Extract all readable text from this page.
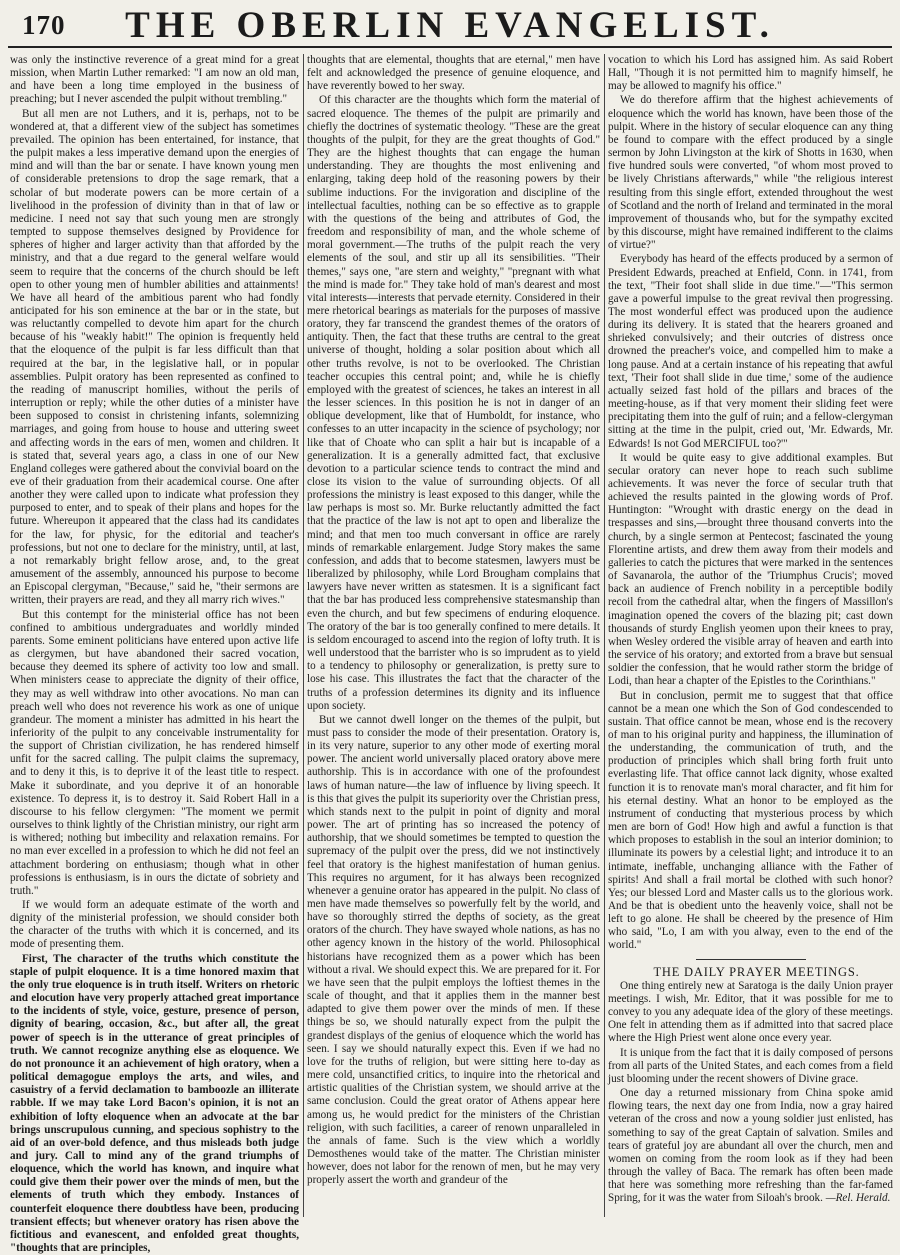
170	THE OBERLIN EVANGELIST.

was only the instinctive reverence of a great mind for a great mission, when Martin Luther remarked: "I am now an old man, and have been a long time employed in the business of preaching; but I never ascended the pulpit without trembling."

But all men are not Luthers, and it is, perhaps, not to be wondered at, that a different view of the subject has sometimes prevailed. The opinion has been entertained, for instance, that the pulpit makes a less imperative demand upon the energies of mind and will than the bar or senate. I have known young men of considerable pretensions to drop the sage remark, that a scholar of but moderate powers can be more certain of a livelihood in the profession of divinity than in that of law or medicine. I need not say that such young men are strongly tempted to suppose themselves designed by Providence for spheres of higher and larger activity than that afforded by the ministry, and that a due regard to the general welfare would seem to require that the concerns of the church should be left open to other young men of humbler abilities and attainments! We have all heard of the ambitious parent who had fondly anticipated for his son eminence at the bar or in the state, but was reluctantly compelled to devote him apart for the church because of his "weakly habit!" The opinion is frequently held that the eloquence of the pulpit is far less difficult than that required at the bar, in the legislative hall, or in popular assemblies. Pulpit oratory has been represented as confined to the reading of manuscript homilies, without the perils of interruption or reply; while the other duties of a minister have been supposed to consist in christening infants, solemnizing marriages, and going from house to house and uttering sweet and affecting words in the ears of men, women and children. It is stated that, several years ago, a class in one of our New England colleges were gathered about the convivial board on the eve of their graduation from their academical course. One after another they were called upon to indicate what profession they purposed to enter, and to speak of their plans and hopes for the future. Whereupon it appeared that the class had its candidates for the law, for physic, for the editorial and teacher's professions, but not one to declare for the ministry, until, at last, a not remarkably bright fellow arose, and, to the great amusement of the assembly, announced his purpose to become an Episcopal clergyman, "Because," said he, "their sermons are written, their prayers are read, and they all marry rich wives."

But this contempt for the ministerial office has not been confined to ambitious undergraduates and worldly minded parents. Some eminent politicians have entered upon active life as clergymen, but have abandoned their sacred vocation, because they deemed its sphere of activity too low and small. When ministers cease to appreciate the dignity of their office, they may as well withdraw into other avocations. No man can preach well who does not reverence his work as one of unique grandeur. The moment a minister has admitted in his heart the inferiority of the pulpit to any conceivable instrumentality for the support of Christian civilization, he has rendered himself unfit for the sacred calling. The pulpit claims the supremacy, and to deny it this, is to deprive it of the least title to respect. Make it subordinate, and you deprive it of an honorable existence. To depress it, is to destroy it. Said Robert Hall in a discourse to his fellow clergymen: "The moment we permit ourselves to think lightly of the Christian ministry, our right arm is withered; nothing but imbecility and relaxation remains. For no man ever excelled in a profession to which he did not feel an attachment bordering on enthusiasm; though what in other professions is enthusiasm, is in ours the dictate of sobriety and truth."

If we would form an adequate estimate of the worth and dignity of the ministerial profession, we should consider both the character of the truths with which it is concerned, and its mode of presenting them.

First, The character of the truths which constitute the staple of pulpit eloquence. It is a time honored maxim that the only true eloquence is in truth itself. Writers on rhetoric and elocution have very properly attached great importance to the incidents of style, voice, gesture, presence of person, dignity of bearing, occasion, &c., but after all, the great power of speech is in the utterance of great principles of truth. We cannot recognize anything else as eloquence. We do not pronounce it an achievement of high oratory, when a political demagogue employs the arts, and wiles, and casuistry of a fervid declamation to bamboozle an illiterate rabble. If we may take Lord Bacon's opinion, it is not an exhibition of lofty eloquence when an advocate at the bar brings unscrupulous cunning, and specious sophistry to the aid of an over-bold defence, and thus misleads both judge and jury. Call to mind any of the grand triumphs of eloquence, which the world has known, and inquire what could give them their power over the minds of men, but the elements of truth which they embody. Instances of counterfeit eloquence there doubtless have been, producing transient effects; but whenever oratory has risen above the fictitious and evanescent, and enfolded great thoughts, "thoughts that are principles,

thoughts that are elemental, thoughts that are eternal," men have felt and acknowledged the presence of genuine eloquence, and have reverently bowed to her sway.

Of this character are the thoughts which form the material of sacred eloquence. The themes of the pulpit are primarily and chiefly the doctrines of systematic theology. "These are the great thoughts of the pulpit, for they are the great thoughts of God." They are the highest thoughts that can engage the human understanding. They are thoughts the most enlivening and enlarging, taking deep hold of the reasoning powers by their sublime inductions. For the invigoration and discipline of the intellectual faculties, nothing can be so effective as to grapple with the questions of the being and attributes of God, the freedom and responsibility of man, and the whole scheme of moral government.—The truths of the pulpit reach the very elements of the soul, and stir up all its sensibilities. "Their themes," says one, "are stern and weighty," "pregnant with what the mind is made for." They take hold of man's dearest and most vital interests—interests that pervade eternity. Considered in their mere rhetorical bearings as materials for the purposes of massive oratory, they far transcend the grandest themes of the orators of antiquity. Then, the fact that these truths are central to the great universe of thought, holding a solar position about which all other truths revolve, is not to be overlooked. The Christian teacher occupies this central point; and, while he is chiefly employed with the greatest of sciences, he takes an interest in all the lesser sciences. In this position he is not in danger of an oblique development, like that of Humboldt, for instance, who confesses to an utter incapacity in the science of psychology; nor like that of Choate who can split a hair but is incapable of a generalization. It is a generally admitted fact, that exclusive devotion to a particular science tends to contract the mind and close its vision to the value of surrounding objects. Of all professions the ministry is least exposed to this danger, while the law perhaps is most so. Mr. Burke reluctantly admitted the fact that the practice of the law is not apt to open and liberalize the mind; and that men too much conversant in office are rarely minds of remarkable enlargement. Judge Story makes the same confession, and adds that to become statesmen, lawyers must be liberalized by philosophy, while Lord Brougham complains that lawyers have never written as statesmen. It is a significant fact that the bar has produced less comprehensive statesmanship than even the church, and but few specimens of enduring eloquence. The oratory of the bar is too generally confined to mere details. It is seldom encouraged to ascend into the region of lofty truth. It is well understood that the barrister who is so imprudent as to yield to a tendency to philosophy or generalization, is pretty sure to lose his case. This illustrates the fact that the character of the truths of a profession determines its dignity and its influence upon society.

But we cannot dwell longer on the themes of the pulpit, but must pass to consider the mode of their presentation. Oratory is, in its very nature, superior to any other mode of exerting moral power. The ancient world universally placed oratory above mere authorship. This is in accordance with one of the profoundest laws of human nature—the law of influence by living speech. It is this that gives the pulpit its superiority over the Christian press, which stands next to the pulpit in point of dignity and moral power. The art of printing has so increased the potency of authorship, that we should sometimes be tempted to question the supremacy of the pulpit over the press, did we not instinctively feel that oratory is the highest manifestation of human genius. This requires no argument, for it has always been recognized whenever a genuine orator has appeared in the pulpit. No class of men have made themselves so powerfully felt by the world, and have so thoroughly stirred the depths of society, as the great orators of the church. They have swayed whole nations, as has no other agency known in the history of the world. Philosophical historians have recognized them as a power which has been without a rival. We should expect this. We are prepared for it. For we have seen that the pulpit employs the loftiest themes in the scale of thought, and that it applies them in the manner best adapted to give them power over the minds of men. If these things be so, we should naturally expect from the pulpit the grandest displays of the genius of eloquence which the world has seen. I say we should naturally expect this. Even if we had no love for the truths of religion, but were sitting here to-day as mere cold, unsanctified critics, to inquire into the rhetorical and artistic qualities of the Christian system, we should arrive at the same conclusion. Could the great orator of Athens appear here among us, he would predict for the ministers of the Christian religion, with such facilities, a career of renown unparalleled in the annals of fame. Such is the view which a worldly Demosthenes would take of the matter. The Christian minister however, does not labor for the renown of men, but he may very properly assert the worth and grandeur of the

vocation to which his Lord has assigned him. As said Robert Hall, "Though it is not permitted him to magnify himself, he may be allowed to magnify his office."

We do therefore affirm that the highest achievements of eloquence which the world has known, have been those of the pulpit. Where in the history of secular eloquence can any thing be found to compare with the effect produced by a single sermon by John Livingston at the kirk of Shotts in 1630, when five hundred souls were converted, "of whom most proved to be lively Christians afterwards," while "the religious interest resulting from this single effort, extended throughout the west of Scotland and the north of Ireland and terminated in the moral improvement of thousands who, but for the sympathy excited by this discourse, might have remained indifferent to the claims of virtue?"

Everybody has heard of the effects produced by a sermon of President Edwards, preached at Enfield, Conn. in 1741, from the text, "Their foot shall slide in due time."—"This sermon gave a powerful impulse to the great revival then progressing. The most wonderful effect was produced upon the audience during its delivery. It is stated that the hearers groaned and shrieked convulsively; and their outcries of distress once drowned the preacher's voice, and compelled him to make a long pause. And at a certain instance of his repeating that awful text, 'Their foot shall slide in due time,' some of the audience actually seized fast hold of the pillars and braces of the meeting-house, as if that very moment their sliding feet were precipitating them into the gulf of ruin; and a fellow-clergyman sitting at the time in the pulpit, cried out, 'Mr. Edwards, Mr. Edwards! Is not God MERCIFUL too?'"

It would be quite easy to give additional examples. But secular oratory can never hope to reach such sublime achievements. It was never the force of secular truth that achieved the results painted in the glowing words of Prof. Huntington: "Wrought with drastic energy on the dead in trespasses and sins,—brought three thousand converts into the church, by a single sermon at Pentecost; fascinated the young Florentine artists, and drew them away from their models and galleries to catch the pictures that were marked in the sentences of Savanarola, the author of the 'Triumphus Crucis'; moved back an audience of French nobility in a perceptible bodily recoil from the cathedral altar, when the fingers of Massillon's imagination opened the covers of the blazing pit; cast down thousands of sturdy English yeomen upon their knees to pray, when Wesley ordered the visible array of heaven and earth into the service of his oratory; and extorted from a brave but sensual soldier the confession, that he would rather storm the bridge of Lodi, than hear a chapter of the Epistles to the Corinthians."

But in conclusion, permit me to suggest that that office cannot be a mean one which the Son of God condescended to sustain. That office cannot be mean, whose end is the recovery of man to his original purity and happiness, the illumination of the understanding, the communication of truth, and the production of principles which shall bring forth fruit unto everlasting life. That office cannot lack dignity, whose exalted function it is to renovate man's moral character, and fit him for his eternal destiny. What an honor to be employed as the instrument of conducting that mysterious process by which men are born of God! How high and awful a function is that which proposes to establish in the soul an interior dominion; to illuminate its powers by a celestial light; and introduce it to an intimate, ineffable, unchanging alliance with the Father of spirits! And shall a frail mortal be clothed with such honor? Yes; our blessed Lord and Master calls us to the glorious work. And be that is obedient unto the heavenly voice, shall not be left to go alone. He shall be cheered by the presence of Him who said, "Lo, I am with you alway, even to the end of the world."

THE DAILY PRAYER MEETINGS.

One thing entirely new at Saratoga is the daily Union prayer meetings. I wish, Mr. Editor, that it was possible for me to convey to you any adequate idea of the glory of these meetings. One felt in attending them as if admitted into that sacred place where the High Priest went alone once every year.

It is unique from the fact that it is daily composed of persons from all parts of the United States, and each comes from a field just blooming under the recent showers of Divine grace.

One day a returned missionary from China spoke amid flowing tears, the next day one from India, now a gray haired veteran of the cross and now a young soldier just enlisted, has something to say of the great Captain of salvation. Smiles and tears of grateful joy are abundant all over the church, men and women on coming from the room look as if they had been through the valley of Baca. The remark has often been made that here was something more refreshing than the far-famed Spring, for it was the water from Siloah's brook. —Rel. Herald.
